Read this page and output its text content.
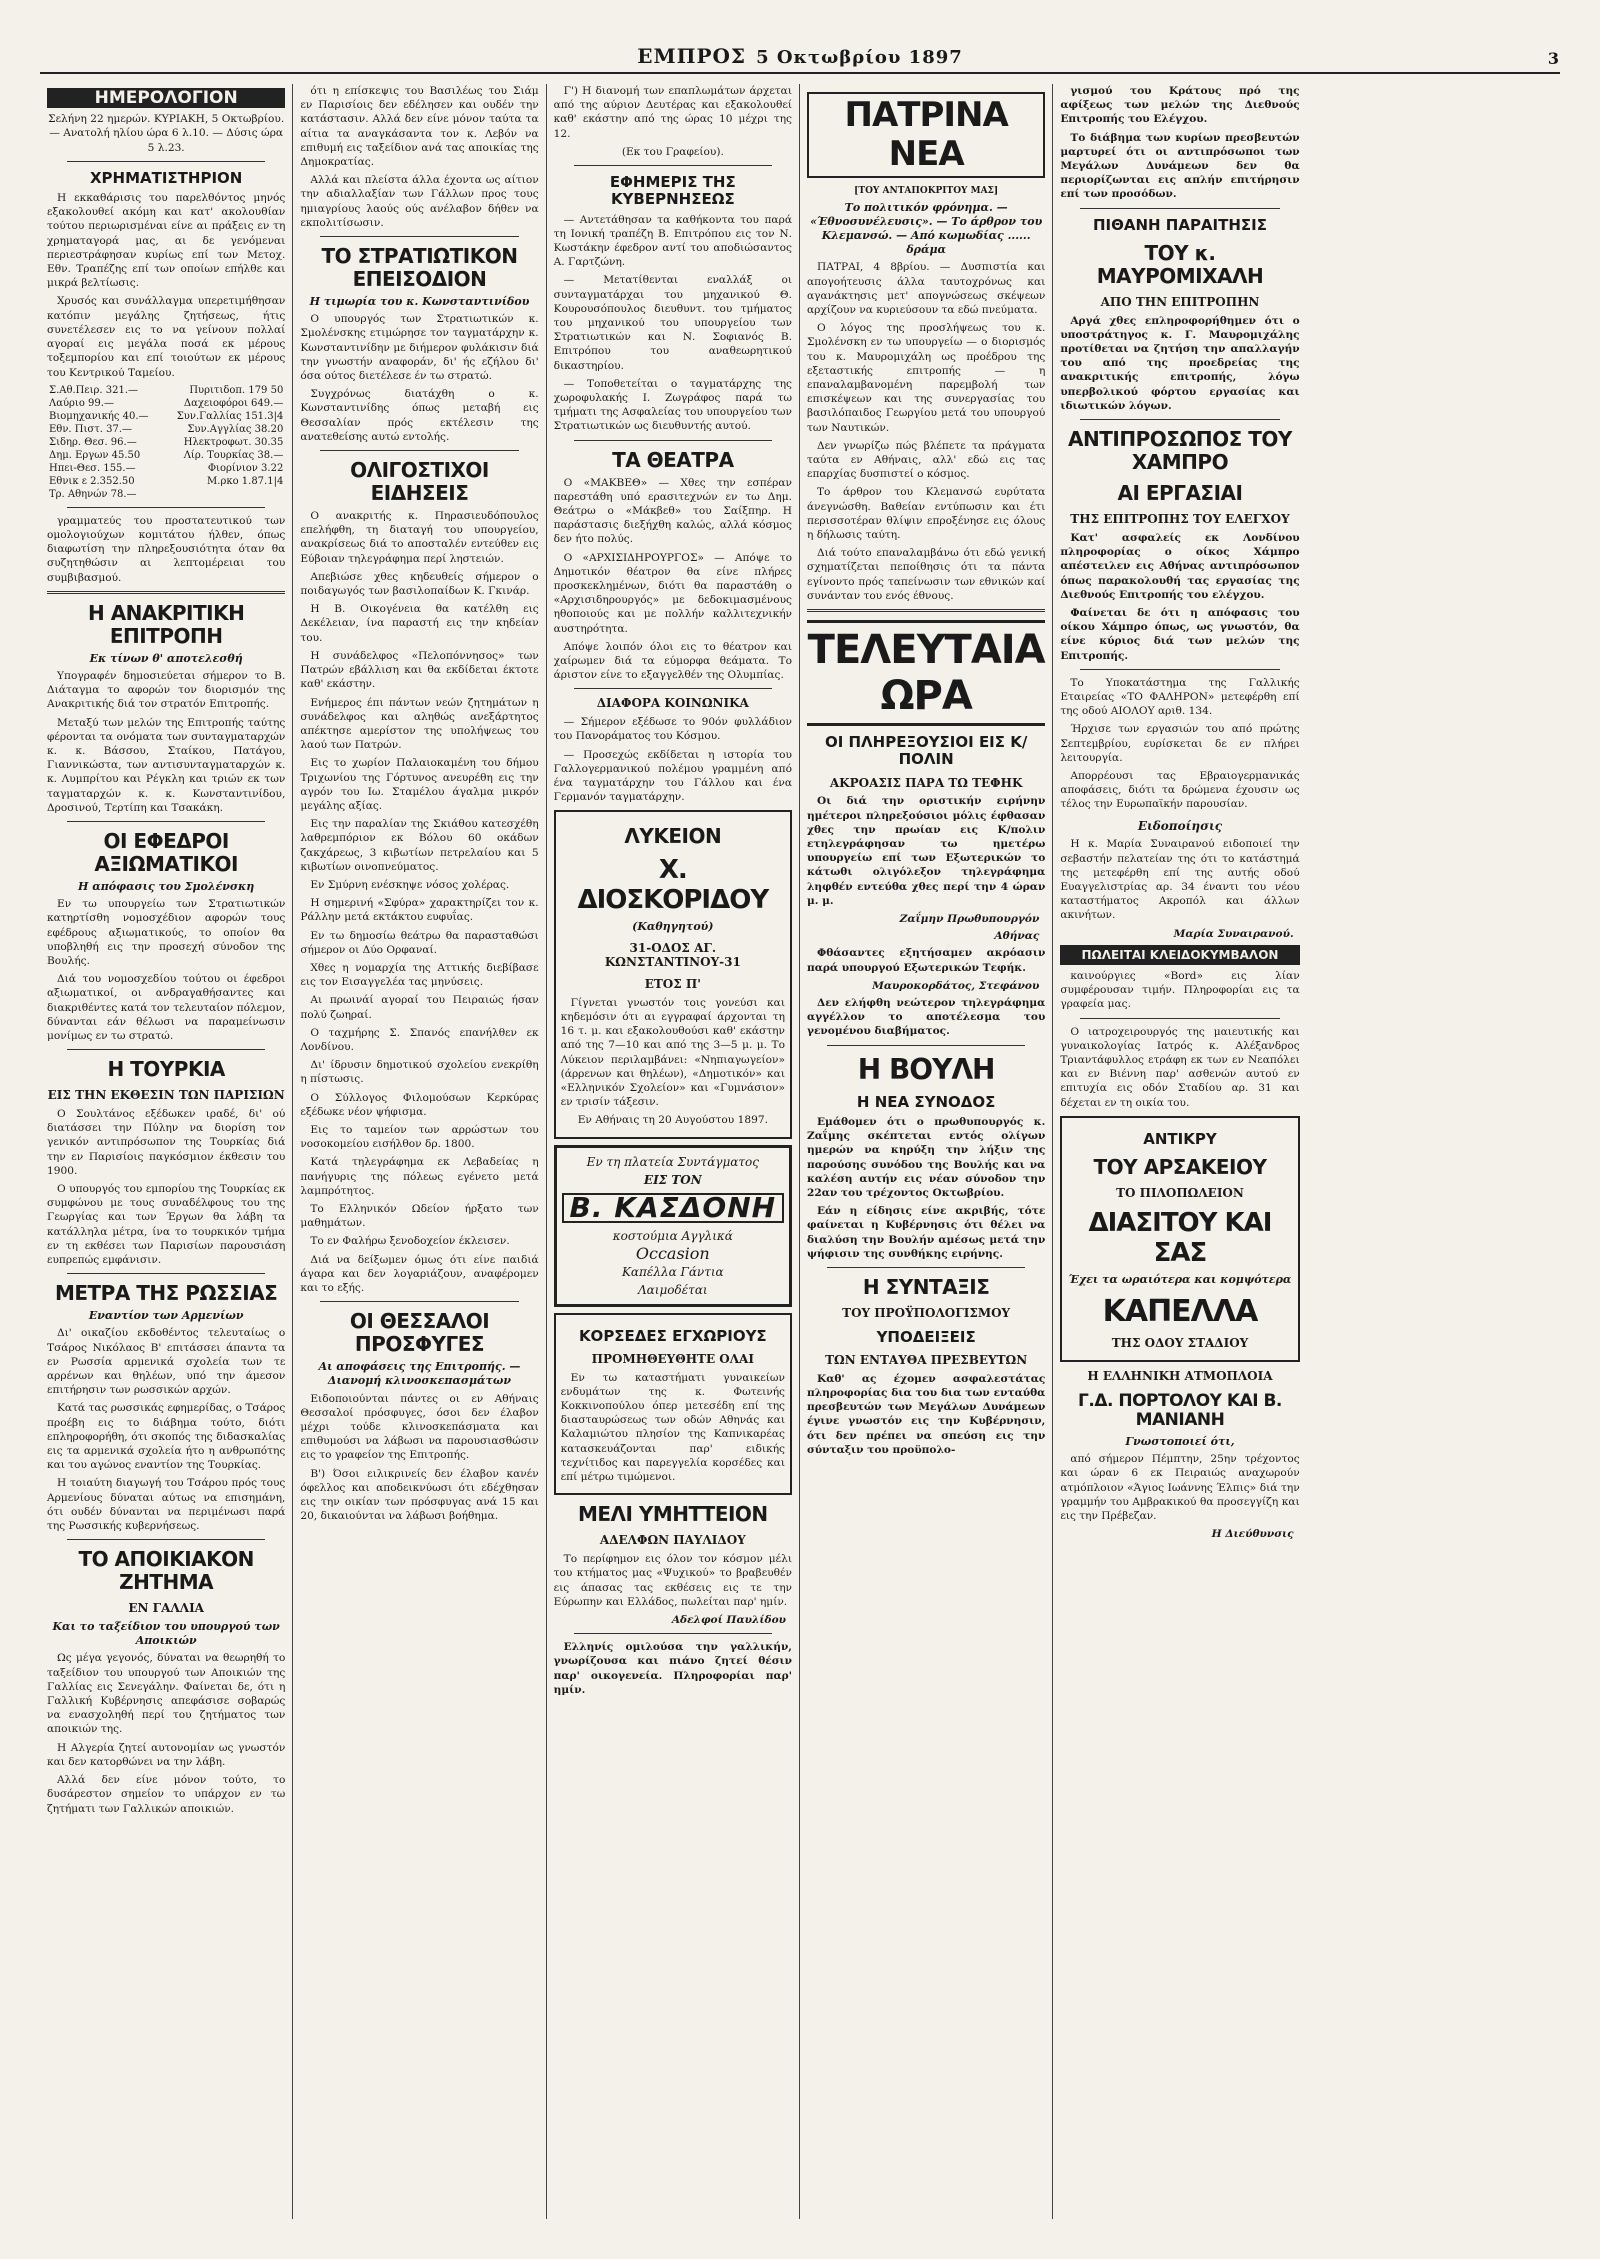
ΕΜΠΡΟΣ 5 Οκτωβρίου 1897	3
ΗΜΕΡΟΛΟΓΙΟΝ

Σελήνη 22 ημερών. ΚΥΡΙΑΚΗ, 5 Οκτωβρίου. — Ανατολή ηλίου ώρα 6 λ.10. — Δύσις ώρα 5 λ.23.

ΧΡΗΜΑΤΙΣΤΗΡΙΟΝ

Η εκκαθάρισις του παρελθόντος μηνός εξακολουθεί ακόμη και κατ' ακολουθίαν τούτου περιωρισμέναι είνε αι πράξεις εν τη χρηματαγορά μας, αι δε γενόμεναι περιεστράφησαν κυρίως επί των Μετοχ. Εθν. Τραπέζης επί των οποίων επήλθε και μικρά βελτίωσις.

Χρυσός και συνάλλαγμα υπερετιμήθησαν κατόπιν μεγάλης ζητήσεως, ήτις συνετέλεσεν εις το να γείνουν πολλαί αγοραί εις μεγάλα ποσά εκ μέρους τοξεμπορίου και επί τοιούτων εκ μέρους του Κεντρικού Ταμείου.

Σ.Αθ.Πειρ. 321.—	Πυριτιδοπ. 179 50
Λαύριο 99.—	Δαχειοφόροι 649.—
Βιομηχανικής 40.—	Συν.Γαλλίας 151.3|4
Εθν. Πιστ. 37.—	Συν.Αγγλίας 38.20
Σιδηρ. Θεσ. 96.—	Ηλεκτροφωτ. 30.35
Δημ. Εργων 45.50	Λίρ. Τουρκίας 38.—
Ηπει-Θεσ. 155.—	Φιορίνιον 3.22
Εθνικ ε 2.352.50	Μ.ρκο 1.87.1|4
Τρ. Αθηνών 78.—	

γραμματεύς του προστατευτικού των ομολογιούχων κομιτάτου ήλθεν, όπως διαφωτίση την πληρεξουσιότητα όταν θα συζητηθώσιν αι λεπτομέρειαι του συμβιβασμού.

Η ΑΝΑΚΡΙΤΙΚΗ ΕΠΙΤΡΟΠΗ
Εκ τίνων θ' αποτελεσθή

Υπογραφέν δημοσιεύεται σήμερον το Β. Διάταγμα το αφορών τον διορισμόν της Ανακριτικής διά τον στρατόν Επιτροπής.

Μεταξύ των μελών της Επιτροπής ταύτης φέρονται τα ονόματα των συνταγματαρχών κ. κ. Βάσσου, Σταίκου, Πατάγου, Γιαννικώστα, των αντισυνταγματαρχών κ. κ. Λυμπρίτου και Ρέγκλη και τριών εκ των ταγματαρχών κ. κ. Κωνσταντινίδου, Δροσινού, Τερτίπη και Τσακάκη.

ΟΙ ΕΦΕΔΡΟΙ ΑΞΙΩΜΑΤΙΚΟΙ
Η απόφασις του Σμολένσκη

Εν τω υπουργείω των Στρατιωτικών κατηρτίσθη νομοσχέδιον αφορών τους εφέδρους αξιωματικούς, το οποίον θα υποβληθή εις την προσεχή σύνοδον της Βουλής.

Διά του νομοσχεδίου τούτου οι έφεδροι αξιωματικοί, οι ανδραγαθήσαντες και διακριθέντες κατά τον τελευταίον πόλεμον, δύνανται εάν θέλωσι να παραμείνωσιν μονίμως εν τω στρατώ.

Η ΤΟΥΡΚΙΑ
ΕΙΣ ΤΗΝ ΕΚΘΕΣΙΝ ΤΩΝ ΠΑΡΙΣΙΩΝ

Ο Σουλτάνος εξέδωκεν ιραδέ, δι' ού διατάσσει την Πύλην να διορίση τον γενικόν αντιπρόσωπον της Τουρκίας διά την εν Παρισίοις παγκόσμιον έκθεσιν του 1900.

Ο υπουργός του εμπορίου της Τουρκίας εκ συμφώνου με τους συναδέλφους του της Γεωργίας και των Έργων θα λάβη τα κατάλληλα μέτρα, ίνα το τουρκικόν τμήμα εν τη εκθέσει των Παρισίων παρουσιάση ευπρεπώς εμφάνισιν.

ΜΕΤΡΑ ΤΗΣ ΡΩΣΣΙΑΣ
Εναντίον των Αρμενίων

Δι' οικαζίου εκδοθέντος τελευταίως ο Τσάρος Νικόλαος Β' επιτάσσει άπαντα τα εν Ρωσσία αρμενικά σχολεία των τε αρρένων και θηλέων, υπό την άμεσον επιτήρησιν των ρωσσικών αρχών.

Κατά τας ρωσσικάς εφημερίδας, ο Τσάρος προέβη εις το διάβημα τούτο, διότι επληροφορήθη, ότι σκοπός της διδασκαλίας εις τα αρμενικά σχολεία ήτο η ανθρωπότης και του αγώνος εναντίον της Τουρκίας.

Η τοιαύτη διαγωγή του Τσάρου πρός τους Αρμενίους δύναται αύτως να επισημάνη, ότι ουδέν δύνανται να περιμένωσι παρά της Ρωσσικής κυβερνήσεως.

ΤΟ ΑΠΟΙΚΙΑΚΟΝ ΖΗΤΗΜΑ
ΕΝ ΓΑΛΛΙΑ
Και το ταξείδιον του υπουργού των Αποικιών

Ως μέγα γεγονός, δύναται να θεωρηθή το ταξείδιον του υπουργού των Αποικιών της Γαλλίας εις Σενεγάλην. Φαίνεται δε, ότι η Γαλλική Κυβέρνησις απεφάσισε σοβαρώς να ενασχοληθή περί του ζητήματος των αποικιών της.

Η Αλγερία ζητεί αυτονομίαν ως γνωστόν και δεν κατορθώνει να την λάβη.

Αλλά δεν είνε μόνον τούτο, το δυσάρεστον σημείον το υπάρχον εν τω ζητήματι των Γαλλικών αποικιών.

ότι η επίσκεψις του Βασιλέως του Σιάμ εν Παρισίοις δεν εδέλησεν και ουδέν την κατάστασιν. Αλλά δεν είνε μόνον ταύτα τα αίτια τα αναγκάσαντα τον κ. Λεβόν να επιθυμή εις ταξείδιον ανά τας αποικίας της Δημοκρατίας.

Αλλά και πλείστα άλλα έχοντα ως αίτιον την αδιαλλαξίαν των Γάλλων προς τους ημιαγρίους λαούς ούς ανέλαβον δήθεν να εκπολιτίσωσιν.

ΤΟ ΣΤΡΑΤΙΩΤΙΚΟΝ ΕΠΕΙΣΟΔΙΟΝ
Η τιμωρία του κ. Κωνσταντινίδου

Ο υπουργός των Στρατιωτικών κ. Σμολένσκης ετιμώρησε τον ταγματάρχην κ. Κωνσταντινίδην με διήμερον φυλάκισιν διά την γνωστήν αναφοράν, δι' ής εζήλου δι' όσα ούτος διετέλεσε έν τω στρατώ.

Συγχρόνως διατάχθη ο κ. Κωνσταντινίδης όπως μεταβή εις Θεσσαλίαν πρός εκτέλεσιν της ανατεθείσης αυτώ εντολής.

ΟΛΙΓΟΣΤΙΧΟΙ ΕΙΔΗΣΕΙΣ

Ο ανακριτής κ. Πηρασιευδόπουλος επελήφθη, τη διαταγή του υπουργείου, ανακρίσεως διά το αποσταλέν εντεύθεν εις Εύβοιαν τηλεγράφημα περί ληστειών.

Απεβιώσε χθες κηδευθείς σήμερον ο ποιδαγωγός των βασιλοπαίδων Κ. Γκινάρ.

Η Β. Οικογένεια θα κατέλθη εις Δεκέλειαν, ίνα παραστή εις την κηδείαν του.

Η συνάδελφος «Πελοπόννησος» των Πατρών εβάλλιση και θα εκδίδεται έκτοτε καθ' εκάστην.

Ενήμερος έπι πάντων νεών ζητημάτων η συνάδελφος και αληθώς ανεξάρτητος απέκτησε αμερίστον της υπολήψεως του λαού των Πατρών.

Εις το χωρίον Παλαιοκαμένη του δήμου Τριχωνίου της Γόρτυνος ανευρέθη εις την αγρόν του Ιω. Σταμέλου άγαλμα μικρόν μεγάλης αξίας.

Εις την παραλίαν της Σκιάθου κατεσχέθη λαθρεμπόριον εκ Βόλου 60 οκάδων ζακχάρεως, 3 κιβωτίων πετρελαίου και 5 κιβωτίων οινοπνεύματος.

Εν Σμύρνη ενέσκηψε νόσος χολέρας.

Η σημερινή «Σφύρα» χαρακτηρίζει τον κ. Ράλλην μετά εκτάκτου ευφυΐας.

Εν τω δημοσίω θεάτρω θα παρασταθώσι σήμερον οι Δύο Ορφαναί.

Χθες η νομαρχία της Αττικής διεβίβασε εις τον Εισαγγελέα τας μηνύσεις.

Αι πρωινάί αγοραί του Πειραιώς ήσαν πολύ ζωηραί.

Ο ταχμήρης Σ. Σπανός επανήλθεν εκ Λονδίνου.

Δι' ίδρυσιν δημοτικού σχολείου ενεκρίθη η πίστωσις.

Ο Σύλλογος Φιλομούσων Κερκύρας εξέδωκε νέον ψήφισμα.

Εις το ταμείον των αρρώστων του νοσοκομείου εισήλθον δρ. 1800.

Κατά τηλεγράφημα εκ Λεβαδείας η πανήγυρις της πόλεως εγένετο μετά λαμπρότητος.

Το Ελληνικόν Ωδείον ήρξατο των μαθημάτων.

Το εν Φαλήρω ξενοδοχείον έκλεισεν.

Διά να δείξωμεν όμως ότι είνε παιδιά άγαρα και δεν λογαριάζουν, αναφέρομεν και το εξής.

ΟΙ ΘΕΣΣΑΛΟΙ ΠΡΟΣΦΥΓΕΣ
Αι αποφάσεις της Επιτροπής. — Διανομή κλινοσκεπασμάτων

Ειδοποιούνται πάντες οι εν Αθήναις Θεσσαλοί πρόσφυγες, όσοι δεν έλαβον μέχρι τούδε κλινοσκεπάσματα και επιθυμούσι να λάβωσι να παρουσιασθώσιν εις το γραφείον της Επιτροπής.

Β') Όσοι ειλικρινείς δεν έλαβον κανέν όφελλος και αποδεικνύωσι ότι εδέχθησαν εις την οικίαν των πρόσφυγας ανά 15 και 20, δικαιούνται να λάβωσι βοήθημα.

Γ') Η διανομή των επαπλωμάτων άρχεται από της αύριον Δευτέρας και εξακολουθεί καθ' εκάστην από της ώρας 10 μέχρι της 12.

(Εκ του Γραφείου).

ΕΦΗΜΕΡΙΣ ΤΗΣ ΚΥΒΕΡΝΗΣΕΩΣ

— Αντετάθησαν τα καθήκοντα του παρά τη Ιονική τραπέζη Β. Επιτρόπου εις τον Ν. Κωστάκην έφεδρον αντί του αποδιώσαντος Α. Γαρτζώνη.

— Μετατίθενται εναλλάξ οι συνταγματάρχαι του μηχανικού Θ. Κουρουσόπουλος διευθυντ. του τμήματος του μηχανικού του υπουργείου των Στρατιωτικών και Ν. Σοφιανός Β. Επιτρόπου του αναθεωρητικού δικαστηρίου.

— Τοποθετείται ο ταγματάρχης της χωροφυλακής Ι. Ζωγράφος παρά τω τμήματι της Ασφαλείας του υπουργείου των Στρατιωτικών ως διευθυντής αυτού.

ΤΑ ΘΕΑΤΡΑ

Ο «ΜΑΚΒΕΘ» — Χθες την εσπέραν παρεστάθη υπό ερασιτεχνών εν τω Δημ. Θεάτρω ο «Μάκβεθ» του Σαίξπηρ. Η παράστασις διεξήχθη καλώς, αλλά κόσμος δεν ήτο πολύς.

Ο «ΑΡΧΙΣΙΔΗΡΟΥΡΓΟΣ» — Απόψε το Δημοτικόν θέατρον θα είνε πλήρες προσκεκλημένων, διότι θα παραστάθη ο «Αρχισιδηρουργός» με δεδοκιμασμένους ηθοποιούς και με πολλήν καλλιτεχνικήν αυστηρότητα.

Απόψε λοιπόν όλοι εις το θέατρον και χαίρωμεν διά τα εύμορφα θεάματα. Το άριστον είνε το εξαγγελθέν της Ολυμπίας.

ΔΙΑΦΟΡΑ ΚΟΙΝΩΝΙΚΑ

— Σήμερον εξέδωσε το 90όν φυλλάδιον του Πανοράματος του Κόσμου.

— Προσεχώς εκδίδεται η ιστορία του Γαλλογερμανικού πολέμου γραμμένη από ένα ταγματάρχην του Γάλλου και ένα Γερμανόν ταγματάρχην.

ΛΥΚΕΙΟΝ
Χ. ΔΙΟΣΚΟΡΙΔΟΥ
(Καθηγητού)
31-ΟΔΟΣ ΑΓ. ΚΩΝΣΤΑΝΤΙΝΟΥ-31
ΕΤΟΣ Π'

Γίγνεται γνωστόν τοις γονεύσι και κηδεμόσιν ότι αι εγγραφαί άρχονται τη 16 τ. μ. και εξακολουθούσι καθ' εκάστην από της 7—10 και από της 3—5 μ. μ. Το Λύκειον περιλαμβάνει: «Νηπιαγωγείον» (άρρενων και θηλέων), «Δημοτικόν» και «Ελληνικόν Σχολείον» και «Γυμνάσιον» εν τρισίν τάξεσιν.

Εν Αθήναις τη 20 Αυγούστου 1897.

Εν τη πλατεία Συντάγματος
ΕΙΣ ΤΟΝ
Β. ΚΑΣΔΟΝΗ
κοστούμια Αγγλικά
Occasion
Καπέλλα Γάντια
Λαιμοδέται
ΚΟΡΣΕΔΕΣ ΕΓΧΩΡΙΟΥΣ
ΠΡΟΜΗΘΕΥΘΗΤΕ ΟΛΑΙ

Εν τω καταστήματι γυναικείων ενδυμάτων της κ. Φωτεινής Κοκκινοπούλου όπερ μετεσέδη επί της διασταυρώσεως των οδών Αθηνάς και Καλαμιώτου πλησίον της Καπνικαρέας κατασκευάζονται παρ' ειδικής τεχνίτιδος και παρεγγελία κορσέδες και επί μέτρω τιμώμενοι.

ΜΕΛΙ ΥΜΗΤΤΕΙΟΝ
ΑΔΕΛΦΩΝ ΠΑΥΛΙΔΟΥ

Το περίφημον εις όλον τον κόσμον μέλι του κτήματος μας «Ψυχικού» το βραβευθέν εις άπασας τας εκθέσεις εις τε την Εύρωπην και Ελλάδος, πωλείται παρ' ημίν.

Αδελφοί Παυλίδου

Ελληνίς ομιλούσα την γαλλικήν, γνωρίζουσα και πιάνο ζητεί θέσιν παρ' οικογενεία. Πληροφορίαι παρ' ημίν.

ΠΑΤΡΙΝΑ ΝΕΑ
[ΤΟΥ ΑΝΤΑΠΟΚΡΙΤΟΥ ΜΑΣ]
Το πολιτικόν φρόνημα. — «Έθνοσυνέλευσις». — Το άρθρον του Κλεμανσώ. — Από κωμωδίας ...... δράμα

ΠΑΤΡΑΙ, 4 8βρίου. — Δυσπιστία και απογοήτευσις άλλα ταυτοχρόνως και αγανάκτησις μετ' απογνώσεως σκέψεων αρχίζουν να κυριεύσουν τα εδώ πνεύματα.

Ο λόγος της προσλήψεως του κ. Σμολένσκη εν τω υπουργείω — ο διορισμός του κ. Μαυρομιχάλη ως προέδρου της εξεταστικής επιτροπής — η επαναλαμβανομένη παρεμβολή των επισκέψεων και της συνεργασίας του βασιλόπαιδος Γεωργίου μετά του υπουργού των Ναυτικών.

Δεν γνωρίζω πώς βλέπετε τα πράγματα ταύτα εν Αθήναις, αλλ' εδώ εις τας επαρχίας δυσπιστεί ο κόσμος.

Το άρθρον του Κλεμανσώ ευρύτατα άνεγνώσθη. Βαθείαν εντύπωσιν και έτι περισσοτέραν θλίψιν επροξένησε εις όλους η δήλωσις ταύτη.

Διά τούτο επαναλαμβάνω ότι εδώ γενική σχηματίζεται πεποίθησις ότι τα πάντα εγίνοντο πρός ταπείνωσιν των εθνικών καί συνάνταν του ενός έθνους.

ΤΕΛΕΥΤΑΙΑ ΩΡΑ
ΟΙ ΠΛΗΡΕΞΟΥΣΙΟΙ ΕΙΣ Κ/ΠΟΛΙΝ
ΑΚΡΟΑΣΙΣ ΠΑΡΑ ΤΩ ΤΕΦΗΚ

Οι διά την οριστικήν ειρήνην ημέτεροι πληρεξούσιοι μόλις έφθασαν χθες την πρωίαν εις Κ/πολιν ετηλεγράφησαν τω ημετέρω υπουργείω επί των Εξωτερικών το κάτωθι ολιγόλεξον τηλεγράφημα ληφθέν εντεύθα χθες περί την 4 ώραν μ. μ.

Ζαΐμην Πρωθυπουργόν
Αθήνας

Φθάσαντες εξητήσαμεν ακρόασιν παρά υπουργού Εξωτερικών Τεφήκ.

Μαυροκορδάτος, Στεφάνου

Δεν ελήφθη νεώτερον τηλεγράφημα αγγέλλον το αποτέλεσμα του γενομένου διαβήματος.

Η ΒΟΥΛΗ
Η ΝΕΑ ΣΥΝΟΔΟΣ

Εμάθομεν ότι ο πρωθυπουργός κ. Ζαΐμης σκέπτεται εντός ολίγων ημερών να κηρύξη την λήξιν της παρούσης συνόδου της Βουλής και να καλέση αυτήν εις νέαν σύνοδον την 22αν του τρέχοντος Οκτωβρίου.

Εάν η είδησις είνε ακριβής, τότε φαίνεται η Κυβέρνησις ότι θέλει να διαλύση την Βουλήν αμέσως μετά την ψήφισιν της συνθήκης ειρήνης.

Η ΣΥΝΤΑΞΙΣ
ΤΟΥ ΠΡΟΫΠΟΛΟΓΙΣΜΟΥ
ΥΠΟΔΕΙΞΕΙΣ
ΤΩΝ ΕΝΤΑΥΘΑ ΠΡΕΣΒΕΥΤΩΝ

Καθ' ας έχομεν ασφαλεστάτας πληροφορίας δια του δια των ενταύθα πρεσβευτών των Μεγάλων Δυνάμεων έγινε γνωστόν εις την Κυβέρνησιν, ότι δεν πρέπει να σπεύση εις την σύνταξιν του προϋπολο-

γισμού του Κράτους πρό της αφίξεως των μελών της Διεθνούς Επιτροπής του Ελέγχου.

Το διάβημα των κυρίων πρεσβευτών μαρτυρεί ότι οι αντιπρόσωποι των Μεγάλων Δυνάμεων δεν θα περιορίζωνται εις απλήν επιτήρησιν επί των προσόδων.

ΠΙΘΑΝΗ ΠΑΡΑΙΤΗΣΙΣ
ΤΟΥ κ. ΜΑΥΡΟΜΙΧΑΛΗ
ΑΠΟ ΤΗΝ ΕΠΙΤΡΟΠΗΝ

Αργά χθες επληροφορήθημεν ότι ο υποστράτηγος κ. Γ. Μαυρομιχάλης προτίθεται να ζητήση την απαλλαγήν του από της προεδρείας της ανακριτικής επιτροπής, λόγω υπερβολικού φόρτου εργασίας και ιδιωτικών λόγων.

ΑΝΤΙΠΡΟΣΩΠΟΣ ΤΟΥ ΧΑΜΠΡΟ
ΑΙ ΕΡΓΑΣΙΑΙ
ΤΗΣ ΕΠΙΤΡΟΠΗΣ ΤΟΥ ΕΛΕΓΧΟΥ

Κατ' ασφαλείς εκ Λονδίνου πληροφορίας ο οίκος Χάμπρο απέστειλεν εις Αθήνας αντιπρόσωπον όπως παρακολουθή τας εργασίας της Διεθνούς Επιτροπής του ελέγχου.

Φαίνεται δε ότι η απόφασις του οίκου Χάμπρο όπως, ως γνωστόν, θα είνε κύριος διά των μελών της Επιτροπής.

Το Υποκατάστημα της Γαλλικής Εταιρείας «ΤΟ ΦΑΛΗΡΟΝ» μετεφέρθη επί της οδού ΑΙΟΛΟΥ αριθ. 134.

Ήρχισε των εργασιών του από πρώτης Σεπτεμβρίου, ευρίσκεται δε εν πλήρει λειτουργία.

Απορρέουσι τας Εβραιογερμανικάς αποφάσεις, διότι τα δρώμενα έχουσιν ως τέλος την Ευρωπαϊκήν παρουσίαν.

Ειδοποίησις

Η κ. Μαρία Συναιρανού ειδοποιεί την σεβαστήν πελατείαν της ότι το κατάστημά της μετεφέρθη επί της αυτής οδού Ευαγγελιστρίας αρ. 34 έναντι του νέου καταστήματος Ακροπόλ και άλλων ακινήτων.

Μαρία Συναιρανού.
ΠΩΛΕΙΤΑΙ ΚΛΕΙΔΟΚΥΜΒΑΛΟΝ

καινούργιες «Bord» εις λίαν συμφέρουσαν τιμήν. Πληροφορίαι εις τα γραφεία μας.

Ο ιατροχειρουργός της μαιευτικής και γυναικολογίας Ιατρός κ. Αλέξανδρος Τριαντάφυλλος ετράφη εκ των εν Νεαπόλει και εν Βιέννη παρ' ασθενών αυτού εν επιτυχία εις οδόν Σταδίου αρ. 31 και δέχεται εν τη οικία του.

ΑΝΤΙΚΡΥ
ΤΟΥ ΑΡΣΑΚΕΙΟΥ
ΤΟ ΠΙΛΟΠΩΛΕΙΟΝ
ΔΙΑΣΙΤΟΥ ΚΑΙ ΣΑΣ
Έχει τα ωραιότερα και κομψότερα
ΚΑΠΕΛΛΑ
ΤΗΣ ΟΔΟΥ ΣΤΑΔΙΟΥ
Η ΕΛΛΗΝΙΚΗ ΑΤΜΟΠΛΟΙΑ
Γ.Δ. ΠΟΡΤΟΛΟΥ ΚΑΙ Β. ΜΑΝΙΑΝΗ
Γνωστοποιεί ότι,

από σήμερον Πέμπτην, 25ην τρέχοντος και ώραν 6 εκ Πειραιώς αναχωρούν ατμόπλοιον «Άγιος Ιωάννης Έλπις» διά την γραμμήν του Αμβρακικού θα προσεγγίζη και εις την Πρέβεζαν.

Η Διεύθυνσις
